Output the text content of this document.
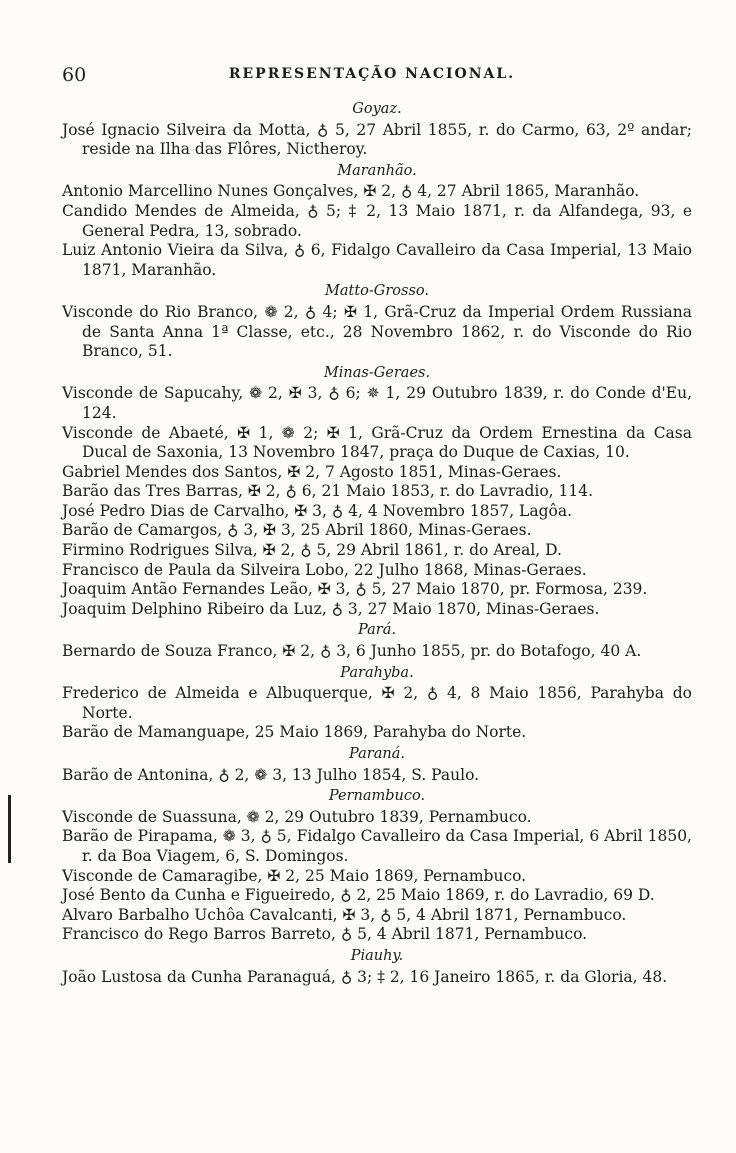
60	REPRESENTAÇÃO NACIONAL.
Goyaz.

José Ignacio Silveira da Motta, ♁ 5, 27 Abril 1855, r. do Carmo, 63, 2º andar; reside na Ilha das Flôres, Nictheroy.

Maranhão.

Antonio Marcellino Nunes Gonçalves, ✠ 2, ♁ 4, 27 Abril 1865, Maranhão.

Candido Mendes de Almeida, ♁ 5; ‡ 2, 13 Maio 1871, r. da Alfandega, 93, e General Pedra, 13, sobrado.

Luiz Antonio Vieira da Silva, ♁ 6, Fidalgo Cavalleiro da Casa Imperial, 13 Maio 1871, Maranhão.

Matto-Grosso.

Visconde do Rio Branco, ❁ 2, ♁ 4; ✠ 1, Grã-Cruz da Imperial Ordem Russiana de Santa Anna 1ª Classe, etc., 28 Novembro 1862, r. do Visconde do Rio Branco, 51.

Minas-Geraes.

Visconde de Sapucahy, ❁ 2, ✠ 3, ♁ 6; ✵ 1, 29 Outubro 1839, r. do Conde d'Eu, 124.

Visconde de Abaeté, ✠ 1, ❁ 2; ✠ 1, Grã-Cruz da Ordem Ernestina da Casa Ducal de Saxonia, 13 Novembro 1847, praça do Duque de Caxias, 10.

Gabriel Mendes dos Santos, ✠ 2, 7 Agosto 1851, Minas-Geraes.

Barão das Tres Barras, ✠ 2, ♁ 6, 21 Maio 1853, r. do Lavradio, 114.

José Pedro Dias de Carvalho, ✠ 3, ♁ 4, 4 Novembro 1857, Lagôa.

Barão de Camargos, ♁ 3, ✠ 3, 25 Abril 1860, Minas-Geraes.

Firmino Rodrigues Silva, ✠ 2, ♁ 5, 29 Abril 1861, r. do Areal, D.

Francisco de Paula da Silveira Lobo, 22 Julho 1868, Minas-Geraes.

Joaquim Antão Fernandes Leão, ✠ 3, ♁ 5, 27 Maio 1870, pr. Formosa, 239.

Joaquim Delphino Ribeiro da Luz, ♁ 3, 27 Maio 1870, Minas-Geraes.

Pará.

Bernardo de Souza Franco, ✠ 2, ♁ 3, 6 Junho 1855, pr. do Botafogo, 40 A.

Parahyba.

Frederico de Almeida e Albuquerque, ✠ 2, ♁ 4, 8 Maio 1856, Parahyba do Norte.

Barão de Mamanguape, 25 Maio 1869, Parahyba do Norte.

Paraná.

Barão de Antonina, ♁ 2, ❁ 3, 13 Julho 1854, S. Paulo.

Pernambuco.

Visconde de Suassuna, ❁ 2, 29 Outubro 1839, Pernambuco.

Barão de Pirapama, ❁ 3, ♁ 5, Fidalgo Cavalleiro da Casa Imperial, 6 Abril 1850, r. da Boa Viagem, 6, S. Domingos.

Visconde de Camaragibe, ✠ 2, 25 Maio 1869, Pernambuco.

José Bento da Cunha e Figueiredo, ♁ 2, 25 Maio 1869, r. do Lavradio, 69 D.

Alvaro Barbalho Uchôa Cavalcanti, ✠ 3, ♁ 5, 4 Abril 1871, Pernambuco.

Francisco do Rego Barros Barreto, ♁ 5, 4 Abril 1871, Pernambuco.

Piauhy.

João Lustosa da Cunha Paranaguá, ♁ 3; ‡ 2, 16 Janeiro 1865, r. da Gloria, 48.
